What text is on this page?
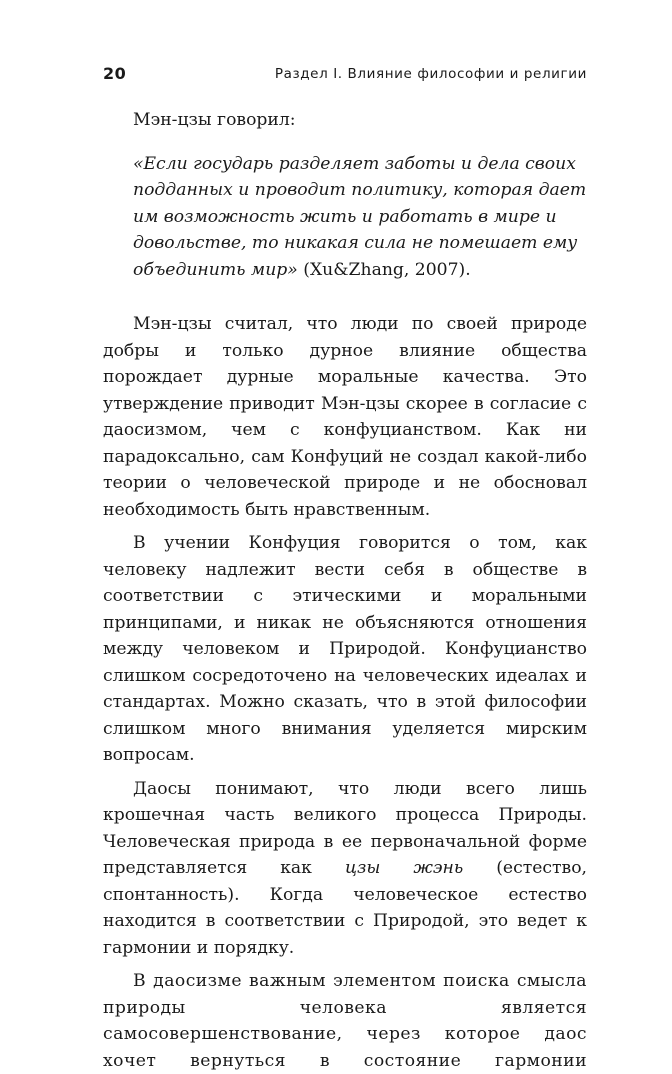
20	Раздел I. Влияние философии и религии

Мэн-цзы говорил:

«Если государь разделяет заботы и дела своих подданных и проводит политику, которая дает им возможность жить и работать в мире и довольстве, то никакая сила не помешает ему объединить мир» (Xu&Zhang, 2007).

Мэн-цзы считал, что люди по своей природе добры и только дурное влияние общества порождает дурные моральные качества. Это утверждение приводит Мэн-цзы скорее в согласие с даосизмом, чем с конфуцианством. Как ни парадоксально, сам Конфуций не создал какой-либо теории о человеческой природе и не обосновал необходимость быть нравственным.

В учении Конфуция говорится о том, как человеку надлежит вести себя в обществе в соответствии с этическими и моральными принципами, и никак не объясняются отношения между человеком и Природой. Конфуцианство слишком сосредоточено на человеческих идеалах и стандартах. Можно сказать, что в этой философии слишком много внимания уделяется мирским вопросам.

Даосы понимают, что люди всего лишь крошечная часть великого процесса Природы. Человеческая природа в ее первоначальной форме представляется как цзы жэнь (естество, спонтанность). Когда человеческое естество находится в соответствии с Природой, это ведет к гармонии и порядку.

В даосизме важным элементом поиска смысла природы человека является самосовершенствование, через которое даос хочет вернуться в состояние гармонии
